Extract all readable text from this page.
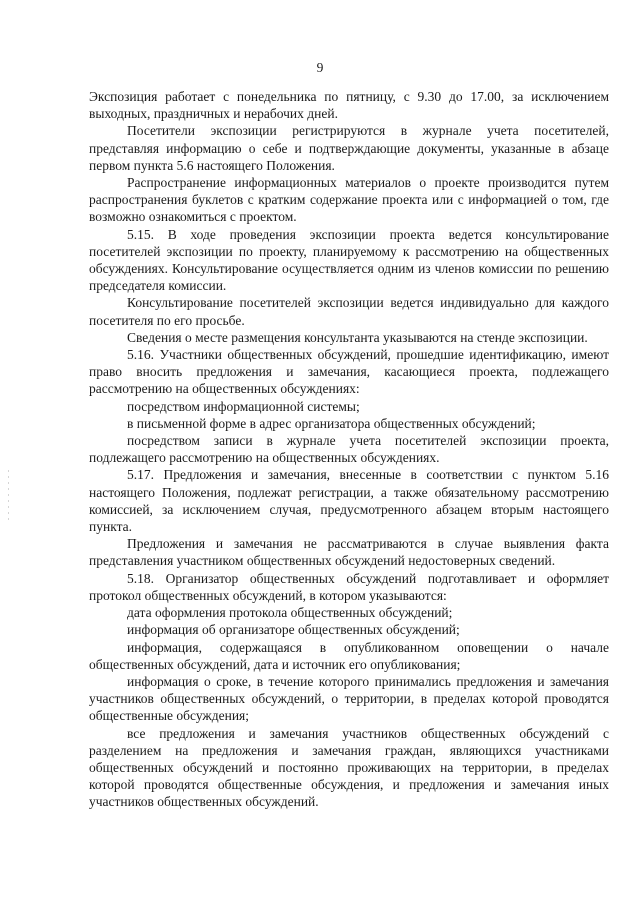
9

Экспозиция работает с понедельника по пятницу, с 9.30 до 17.00, за исключением выходных, праздничных и нерабочих дней.

Посетители экспозиции регистрируются в журнале учета посетителей, представляя информацию о себе и подтверждающие документы, указанные в абзаце первом пункта 5.6 настоящего Положения.

Распространение информационных материалов о проекте производится путем распространения буклетов с кратким содержание проекта или с информацией о том, где возможно ознакомиться с проектом.

5.15. В ходе проведения экспозиции проекта ведется консультирование посетителей экспозиции по проекту, планируемому к рассмотрению на общественных обсуждениях. Консультирование осуществляется одним из членов комиссии по решению председателя комиссии.

Консультирование посетителей экспозиции ведется индивидуально для каждого посетителя по его просьбе.

Сведения о месте размещения консультанта указываются на стенде экспозиции.

5.16. Участники общественных обсуждений, прошедшие идентификацию, имеют право вносить предложения и замечания, касающиеся проекта, подлежащего рассмотрению на общественных обсуждениях:

посредством информационной системы;

в письменной форме в адрес организатора общественных обсуждений;

посредством записи в журнале учета посетителей экспозиции проекта, подлежащего рассмотрению на общественных обсуждениях.

5.17. Предложения и замечания, внесенные в соответствии с пунктом 5.16 настоящего Положения, подлежат регистрации, а также обязательному рассмотрению комиссией, за исключением случая, предусмотренного абзацем вторым настоящего пункта.

Предложения и замечания не рассматриваются в случае выявления факта представления участником общественных обсуждений недостоверных сведений.

5.18. Организатор общественных обсуждений подготавливает и оформляет протокол общественных обсуждений, в котором указываются:

дата оформления протокола общественных обсуждений;

информация об организаторе общественных обсуждений;

информация, содержащаяся в опубликованном оповещении о начале общественных обсуждений, дата и источник его опубликования;

информация о сроке, в течение которого принимались предложения и замечания участников общественных обсуждений, о территории, в пределах которой проводятся общественные обсуждения;

все предложения и замечания участников общественных обсуждений с разделением на предложения и замечания граждан, являющихся участниками общественных обсуждений и постоянно проживающих на территории, в пределах которой проводятся общественные обсуждения, и предложения и замечания иных участников общественных обсуждений.
